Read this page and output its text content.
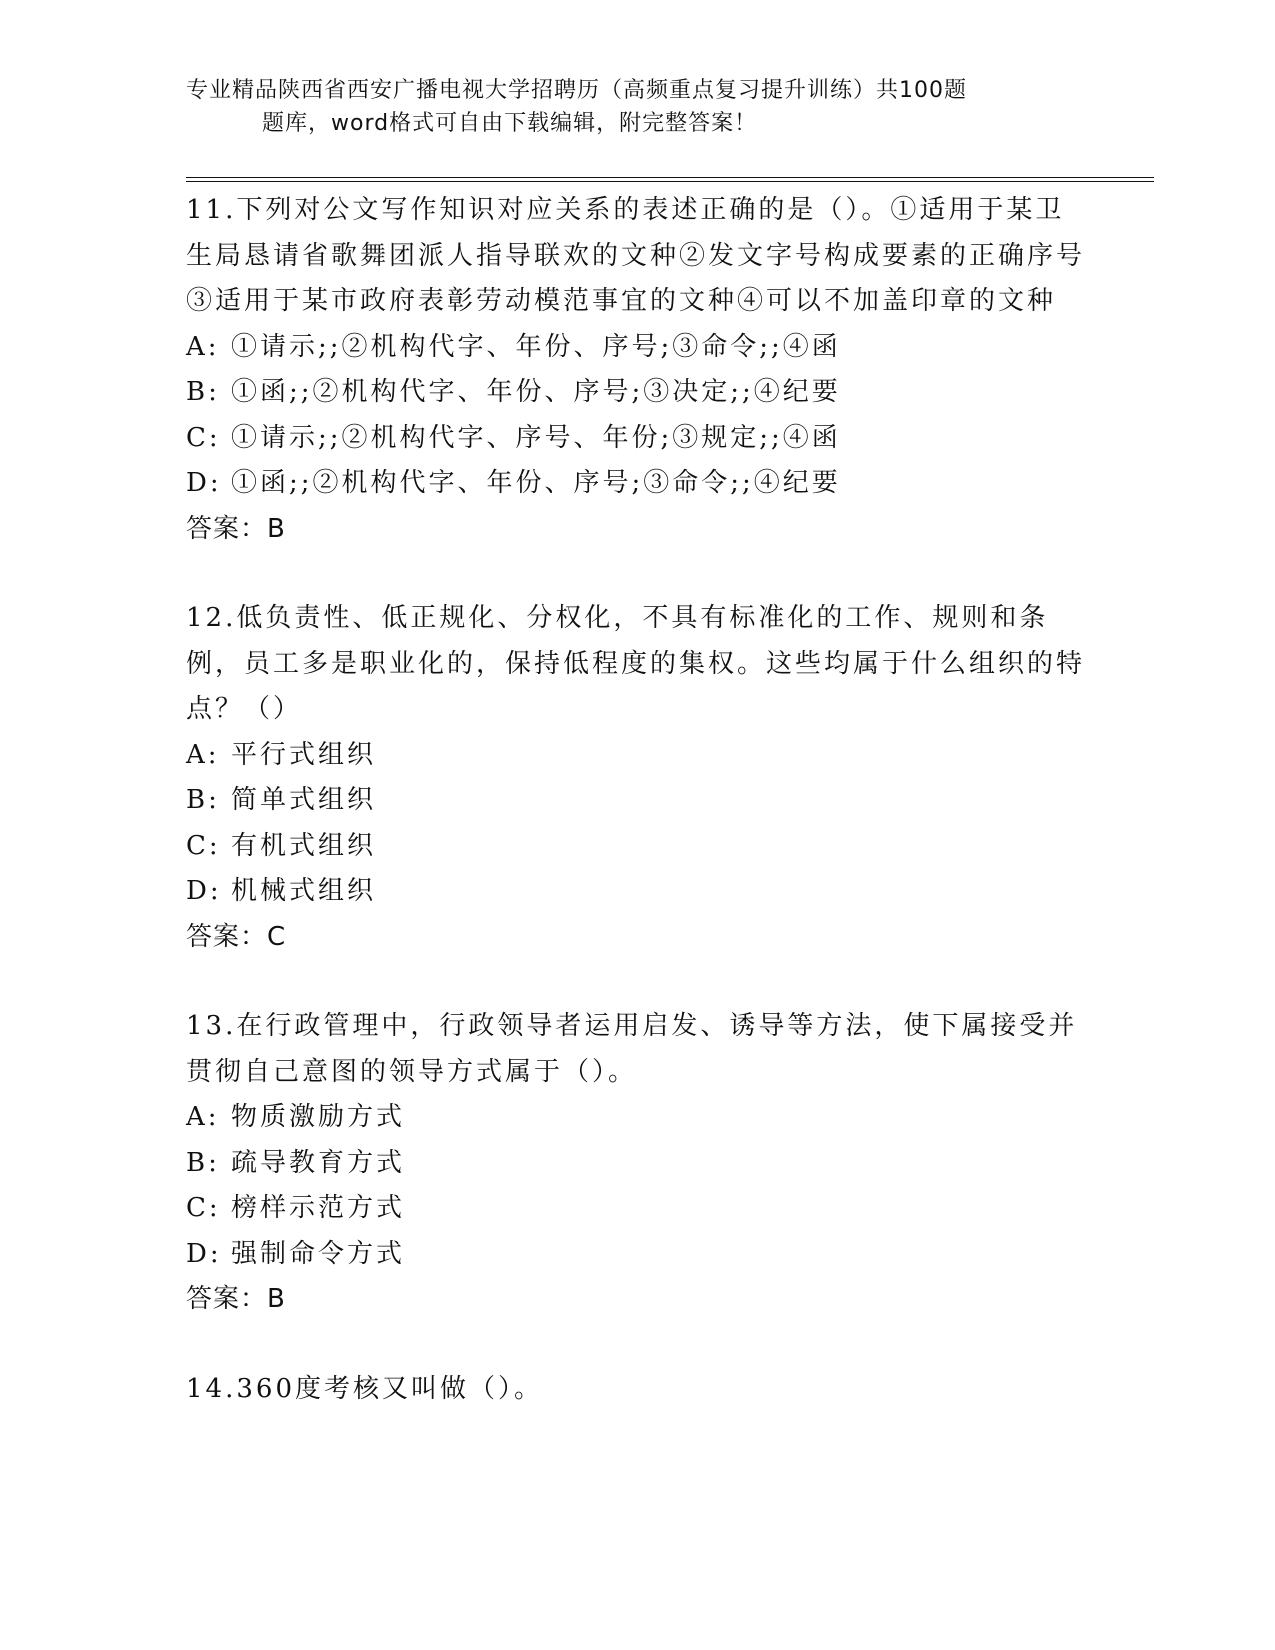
专业精品陕西省西安广播电视大学招聘历（高频重点复习提升训练）共100题
题库，word格式可自由下载编辑，附完整答案！

11.下列对公文写作知识对应关系的表述正确的是（）。①适用于某卫生局恳请省歌舞团派人指导联欢的文种②发文字号构成要素的正确序号③适用于某市政府表彰劳动模范事宜的文种④可以不加盖印章的文种

A: ①请示;;②机构代字、年份、序号;③命令;;④函

B: ①函;;②机构代字、年份、序号;③决定;;④纪要

C: ①请示;;②机构代字、序号、年份;③规定;;④函

D: ①函;;②机构代字、年份、序号;③命令;;④纪要

答案：B

12.低负责性、低正规化、分权化，不具有标准化的工作、规则和条例，员工多是职业化的，保持低程度的集权。这些均属于什么组织的特点？（）

A: 平行式组织

B: 简单式组织

C: 有机式组织

D: 机械式组织

答案：C

13.在行政管理中，行政领导者运用启发、诱导等方法，使下属接受并贯彻自己意图的领导方式属于（）。

A: 物质激励方式

B: 疏导教育方式

C: 榜样示范方式

D: 强制命令方式

答案：B

14.360度考核又叫做（）。
